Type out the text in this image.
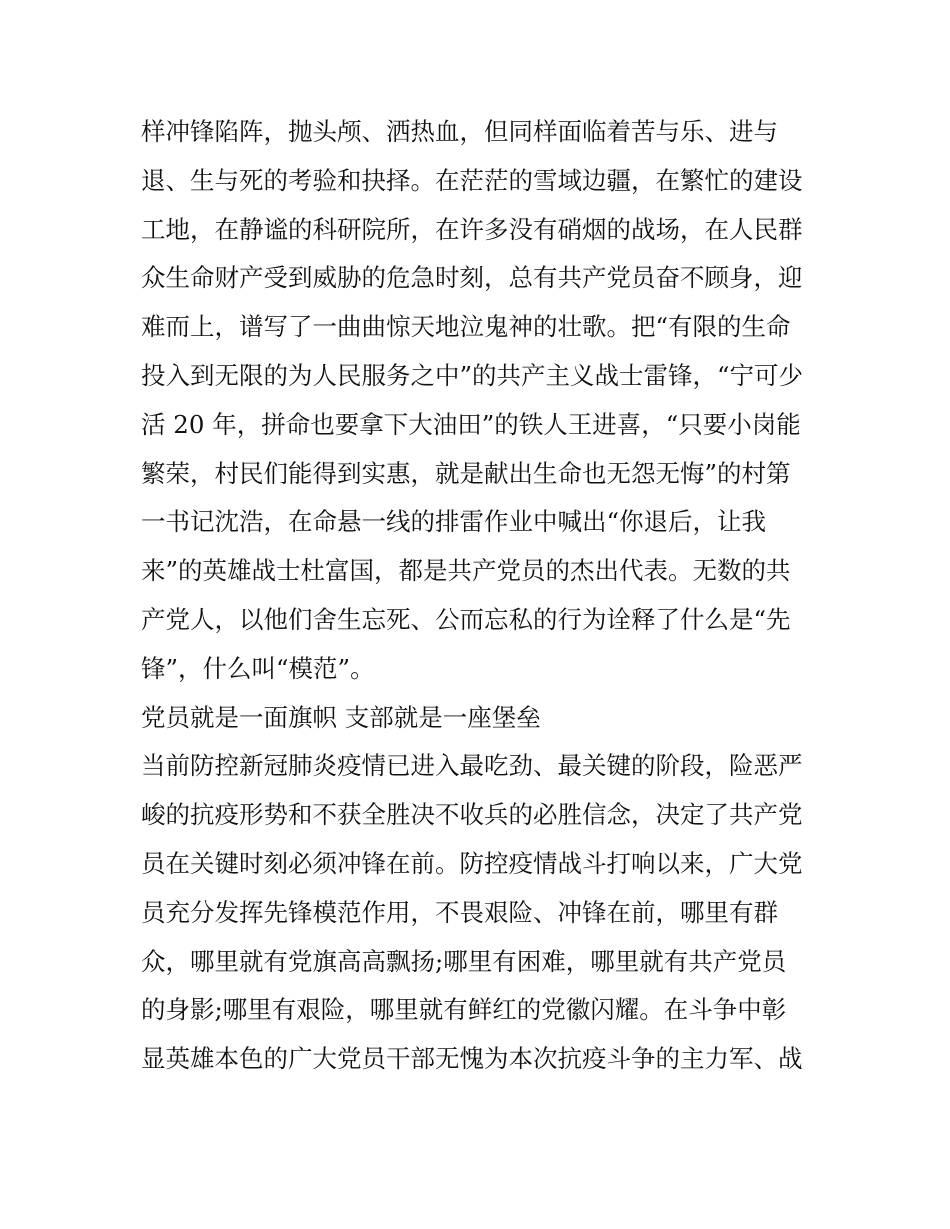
样冲锋陷阵，抛头颅、洒热血，但同样面临着苦与乐、进与
退、生与死的考验和抉择。在茫茫的雪域边疆，在繁忙的建设
工地，在静谧的科研院所，在许多没有硝烟的战场，在人民群
众生命财产受到威胁的危急时刻，总有共产党员奋不顾身，迎
难而上，谱写了一曲曲惊天地泣鬼神的壮歌。把“有限的生命
投入到无限的为人民服务之中”的共产主义战士雷锋，“宁可少
活 20 年，拼命也要拿下大油田”的铁人王进喜，“只要小岗能
繁荣，村民们能得到实惠，就是献出生命也无怨无悔”的村第
一书记沈浩，在命悬一线的排雷作业中喊出“你退后，让我
来”的英雄战士杜富国，都是共产党员的杰出代表。无数的共
产党人，以他们舍生忘死、公而忘私的行为诠释了什么是“先
锋”，什么叫“模范”。
党员就是一面旗帜 支部就是一座堡垒
当前防控新冠肺炎疫情已进入最吃劲、最关键的阶段，险恶严
峻的抗疫形势和不获全胜决不收兵的必胜信念，决定了共产党
员在关键时刻必须冲锋在前。防控疫情战斗打响以来，广大党
员充分发挥先锋模范作用，不畏艰险、冲锋在前，哪里有群
众，哪里就有党旗高高飘扬;哪里有困难，哪里就有共产党员
的身影;哪里有艰险，哪里就有鲜红的党徽闪耀。在斗争中彰
显英雄本色的广大党员干部无愧为本次抗疫斗争的主力军、战
